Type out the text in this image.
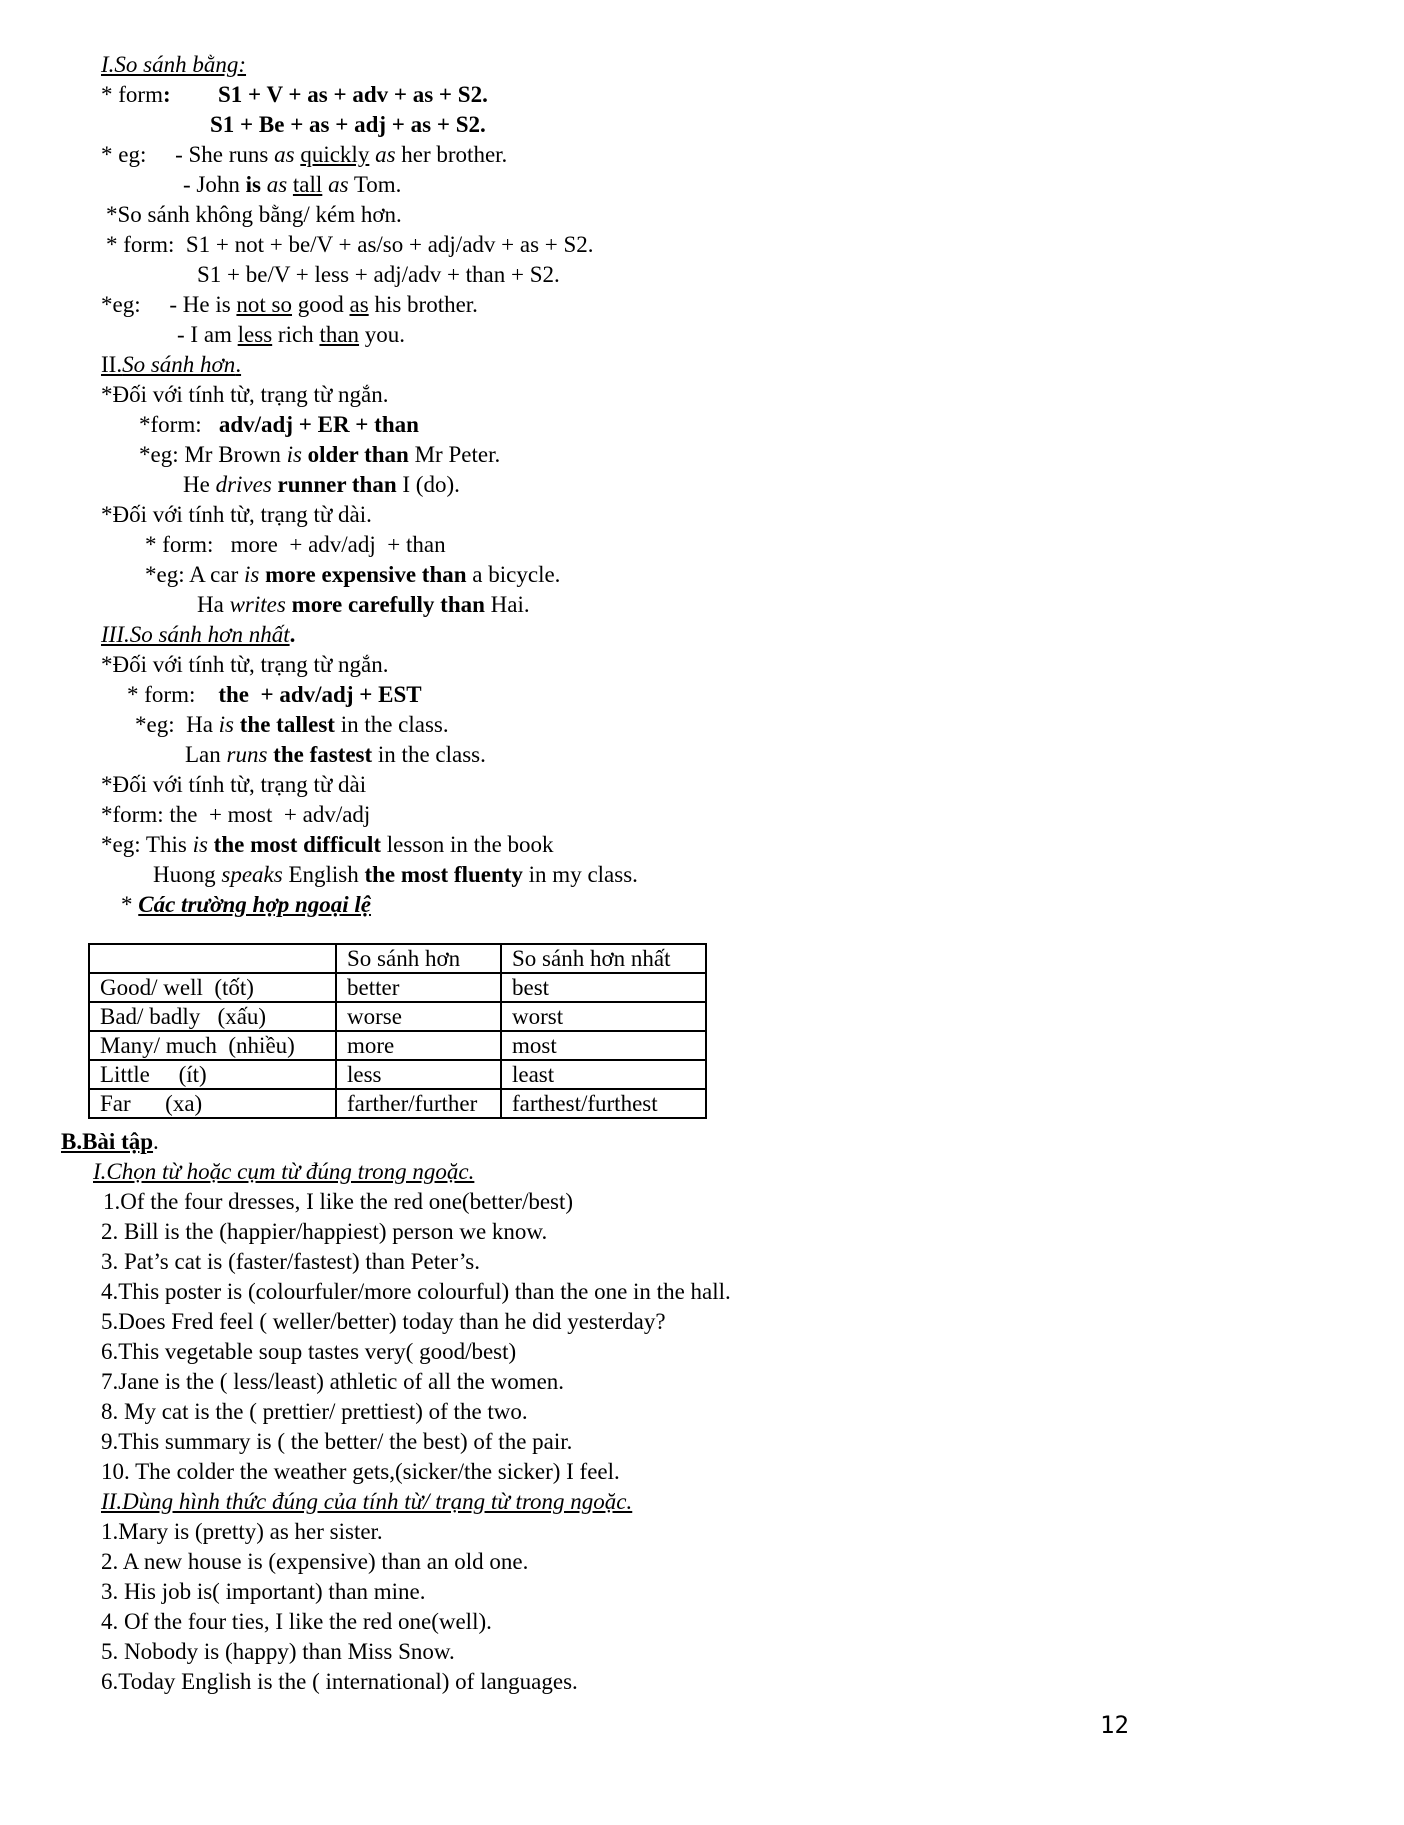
I.So sánh bằng:
* form: S1 + V + as + adv + as + S2.
S1 + Be + as + adj + as + S2.
* eg:     - She runs as quickly as her brother.
- John is as tall as Tom.
*So sánh không bằng/ kém hơn.
* form:  S1 + not + be/V + as/so + adj/adv + as + S2.
S1 + be/V + less + adj/adv + than + S2.
*eg:     - He is not so good as his brother.
- I am less rich than you.
II.So sánh hơn.
*Đối với tính từ, trạng từ ngắn.
*form:   adv/adj + ER + than
*eg: Mr Brown is older than Mr Peter.
He drives runner than I (do).
*Đối với tính từ, trạng từ dài.
* form:   more  + adv/adj  + than
*eg: A car is more expensive than a bicycle.
Ha writes more carefully than Hai.
III.So sánh hơn nhất.
*Đối với tính từ, trạng từ ngắn.
* form:    the  + adv/adj + EST
*eg:  Ha is the tallest in the class.
Lan runs the fastest in the class.
*Đối với tính từ, trạng từ dài
*form: the  + most  + adv/adj
*eg: This is the most difficult lesson in the book
Huong speaks English the most fluenty in my class.
* Các trường hợp ngoại lệ
	So sánh hơn	So sánh hơn nhất
Good/ well  (tốt)	better	best
Bad/ badly   (xấu)	worse	worst
Many/ much  (nhiều)	more	most
Little     (ít)	less	least
Far      (xa)	farther/further	farthest/furthest
B.Bài tập.
I.Chọn từ hoặc cụm từ đúng trong ngoặc.
1.Of the four dresses, I like the red one(better/best)
2. Bill is the (happier/happiest) person we know.
3. Pat’s cat is (faster/fastest) than Peter’s.
4.This poster is (colourfuler/more colourful) than the one in the hall.
5.Does Fred feel ( weller/better) today than he did yesterday?
6.This vegetable soup tastes very( good/best)
7.Jane is the ( less/least) athletic of all the women.
8. My cat is the ( prettier/ prettiest) of the two.
9.This summary is ( the better/ the best) of the pair.
10. The colder the weather gets,(sicker/the sicker) I feel.
II.Dùng hình thức đúng của tính từ/ trạng từ trong ngoặc.
1.Mary is (pretty) as her sister.
2. A new house is (expensive) than an old one.
3. His job is( important) than mine.
4. Of the four ties, I like the red one(well).
5. Nobody is (happy) than Miss Snow.
6.Today English is the ( international) of languages.
12
